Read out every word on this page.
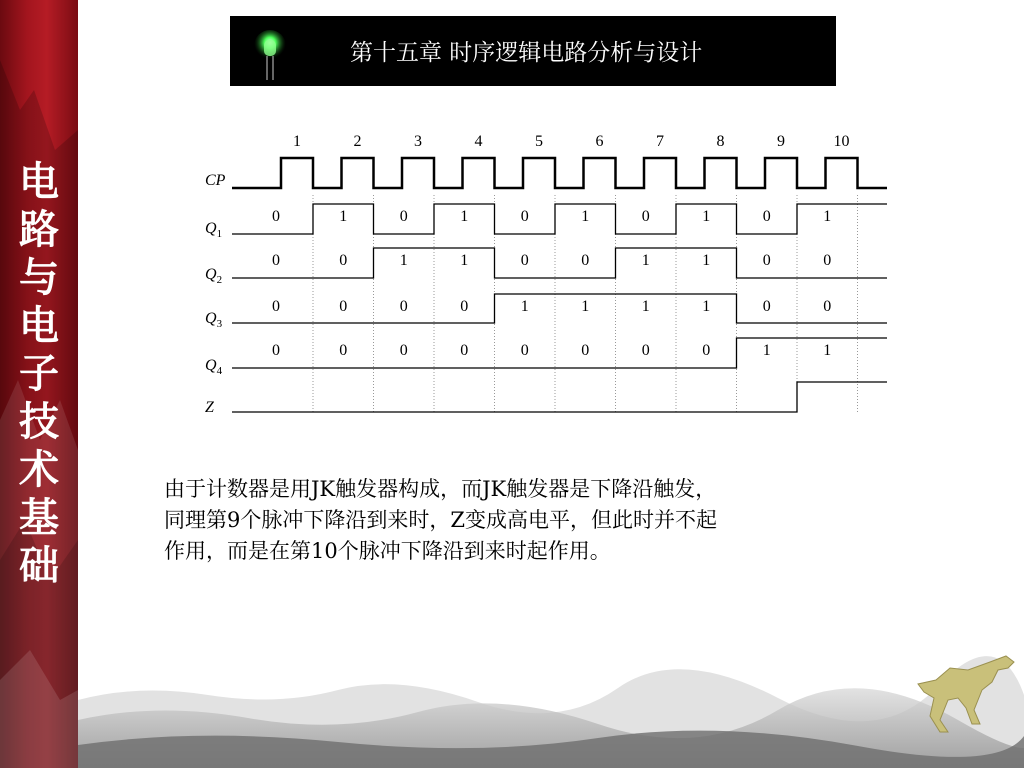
电
路
与
电
子
技
术
基
础
第十五章 时序逻辑电路分析与设计
1	2	3	4	5	6	7	8	9	10
CP
$Q_1$
0	1	0	1	0	1	0	1	0	1
$Q_2$
0	0	1	1	0	0	1	1	0	0
$Q_3$
0	0	0	0	1	1	1	1	0	0
$Q_4$
0	0	0	0	0	0	0	0	1	1
Z
由于计数器是用JK触发器构成，而JK触发器是下降沿触发，
同理第9个脉冲下降沿到来时，Z变成高电平，但此时并不起
作用，而是在第10个脉冲下降沿到来时起作用。
